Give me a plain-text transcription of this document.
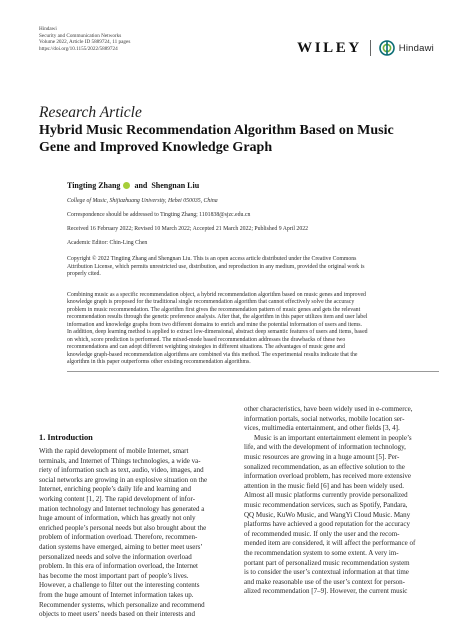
Hindawi
Security and Communication Networks
Volume 2022, Article ID 5889724, 11 pages
https://doi.org/10.1155/2022/5889724	WILEY	Hindawi
Research Article
Hybrid Music Recommendation Algorithm Based on Music
Gene and Improved Knowledge Graph
Tingting Zhang and Shengnan Liu
College of Music, Shijiazhuang University, Hebei 050035, China
Correspondence should be addressed to Tingting Zhang; 1101838@sjzc.edu.cn
Received 16 February 2022; Revised 10 March 2022; Accepted 21 March 2022; Published 9 April 2022
Academic Editor: Chin-Ling Chen
Copyright © 2022 Tingting Zhang and Shengnan Liu. This is an open access article distributed under the Creative Commons
Attribution License, which permits unrestricted use, distribution, and reproduction in any medium, provided the original work is
properly cited.
Combining music as a specific recommendation object, a hybrid recommendation algorithm based on music genes and improved
knowledge graph is proposed for the traditional single recommendation algorithm that cannot effectively solve the accuracy
problem in music recommendation. The algorithm first gives the recommendation pattern of music genes and gets the relevant
recommendation results through the genetic preference analysis. After that, the algorithm in this paper utilizes item and user label
information and knowledge graphs from two different domains to enrich and mine the potential information of users and items.
In addition, deep learning method is applied to extract low-dimensional, abstract deep semantic features of users and items, based
on which, score prediction is performed. The mixed-mode based recommendation addresses the drawbacks of these two
recommendations and can adopt different weighting strategies in different situations. The advantages of music gene and
knowledge graph-based recommendation algorithms are combined via this method. The experimental results indicate that the
algorithm in this paper outperforms other existing recommendation algorithms.
1. Introduction
With the rapid development of mobile Internet, smart
terminals, and Internet of Things technologies, a wide va-
riety of information such as text, audio, video, images, and
social networks are growing in an explosive situation on the
Internet, enriching people’s daily life and learning and
working content [1, 2]. The rapid development of infor-
mation technology and Internet technology has generated a
huge amount of information, which has greatly not only
enriched people’s personal needs but also brought about the
problem of information overload. Therefore, recommen-
dation systems have emerged, aiming to better meet users’
personalized needs and solve the information overload
problem. In this era of information overload, the Internet
has become the most important part of people’s lives.
However, a challenge to filter out the interesting contents
from the huge amount of Internet information takes up.
Recommender systems, which personalize and recommend
objects to meet users’ needs based on their interests and
other characteristics, have been widely used in e-commerce,
information portals, social networks, mobile location ser-
vices, multimedia entertainment, and other fields [3, 4].
Music is an important entertainment element in people’s
life, and with the development of information technology,
music resources are growing in a huge amount [5]. Per-
sonalized recommendation, as an effective solution to the
information overload problem, has received more extensive
attention in the music field [6] and has been widely used.
Almost all music platforms currently provide personalized
music recommendation services, such as Spotify, Pandara,
QQ Music, KuWo Music, and WangYi Cloud Music. Many
platforms have achieved a good reputation for the accuracy
of recommended music. If only the user and the recom-
mended item are considered, it will affect the performance of
the recommendation system to some extent. A very im-
portant part of personalized music recommendation system
is to consider the user’s contextual information at that time
and make reasonable use of the user’s context for person-
alized recommendation [7–9]. However, the current music
